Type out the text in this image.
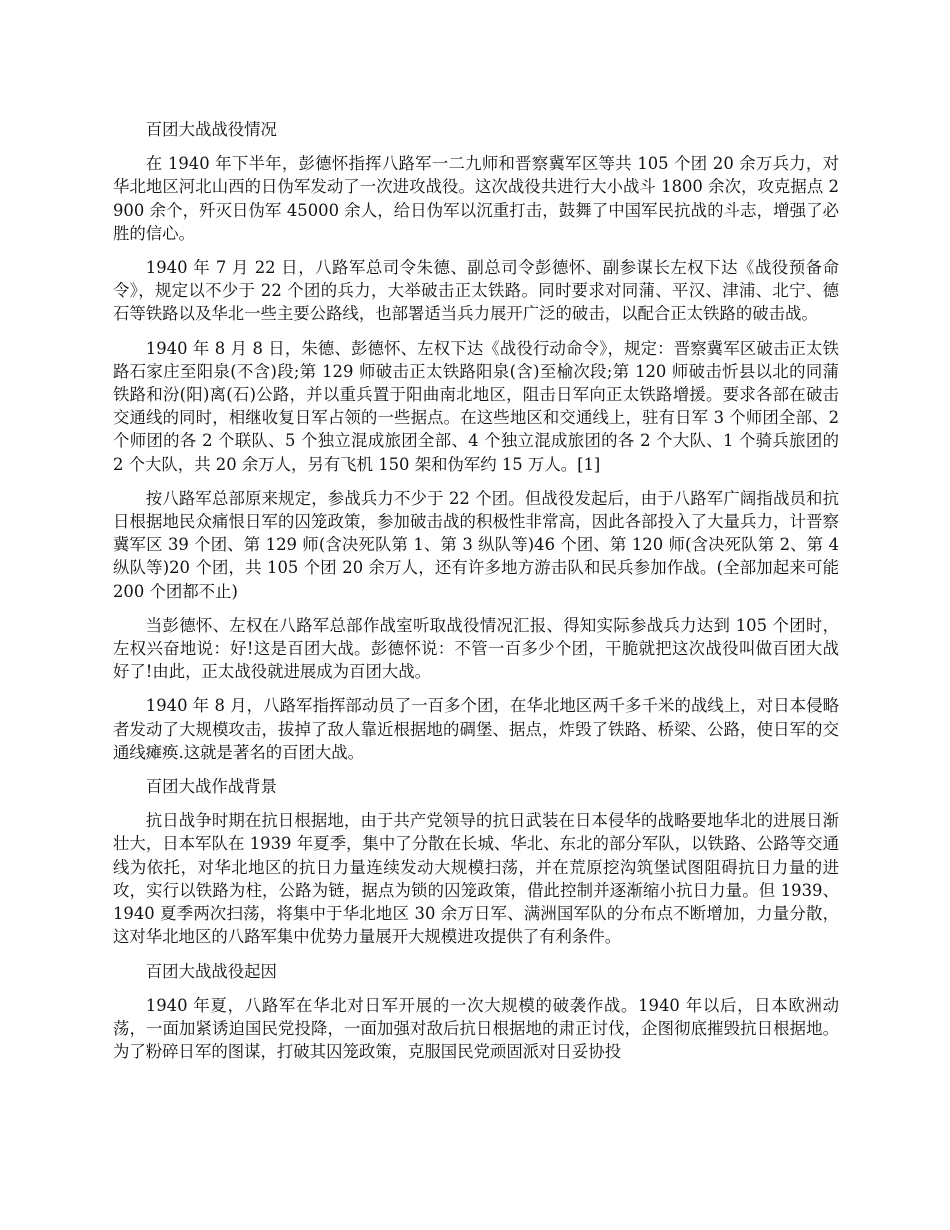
百团大战战役情况

在 1940 年下半年，彭德怀指挥八路军一二九师和晋察冀军区等共 105 个团 20 余万兵力，对华北地区河北山西的日伪军发动了一次进攻战役。这次战役共进行大小战斗 1800 余次，攻克据点 2900 余个，歼灭日伪军 45000 余人，给日伪军以沉重打击，鼓舞了中国军民抗战的斗志，增强了必胜的信心。

1940 年 7 月 22 日，八路军总司令朱德、副总司令彭德怀、副参谋长左权下达《战役预备命令》，规定以不少于 22 个团的兵力，大举破击正太铁路。同时要求对同蒲、平汉、津浦、北宁、德石等铁路以及华北一些主要公路线，也部署适当兵力展开广泛的破击，以配合正太铁路的破击战。

1940 年 8 月 8 日，朱德、彭德怀、左权下达《战役行动命令》，规定：晋察冀军区破击正太铁路石家庄至阳泉(不含)段;第 129 师破击正太铁路阳泉(含)至榆次段;第 120 师破击忻县以北的同蒲铁路和汾(阳)离(石)公路，并以重兵置于阳曲南北地区，阻击日军向正太铁路增援。要求各部在破击交通线的同时，相继收复日军占领的一些据点。在这些地区和交通线上，驻有日军 3 个师团全部、2 个师团的各 2 个联队、5 个独立混成旅团全部、4 个独立混成旅团的各 2 个大队、1 个骑兵旅团的 2 个大队，共 20 余万人，另有飞机 150 架和伪军约 15 万人。[1]

按八路军总部原来规定，参战兵力不少于 22 个团。但战役发起后，由于八路军广阔指战员和抗日根据地民众痛恨日军的囚笼政策，参加破击战的积极性非常高，因此各部投入了大量兵力，计晋察冀军区 39 个团、第 129 师(含决死队第 1、第 3 纵队等)46 个团、第 120 师(含决死队第 2、第 4 纵队等)20 个团，共 105 个团 20 余万人，还有许多地方游击队和民兵参加作战。(全部加起来可能 200 个团都不止)

当彭德怀、左权在八路军总部作战室听取战役情况汇报、得知实际参战兵力达到 105 个团时，左权兴奋地说：好!这是百团大战。彭德怀说：不管一百多少个团，干脆就把这次战役叫做百团大战好了!由此，正太战役就进展成为百团大战。

1940 年 8 月，八路军指挥部动员了一百多个团，在华北地区两千多千米的战线上，对日本侵略者发动了大规模攻击，拔掉了敌人靠近根据地的碉堡、据点，炸毁了铁路、桥梁、公路，使日军的交通线瘫痪.这就是著名的百团大战。

百团大战作战背景

抗日战争时期在抗日根据地，由于共产党领导的抗日武装在日本侵华的战略要地华北的进展日渐壮大，日本军队在 1939 年夏季，集中了分散在长城、华北、东北的部分军队，以铁路、公路等交通线为依托，对华北地区的抗日力量连续发动大规模扫荡，并在荒原挖沟筑堡试图阻碍抗日力量的进攻，实行以铁路为柱，公路为链，据点为锁的囚笼政策，借此控制并逐渐缩小抗日力量。但 1939、1940 夏季两次扫荡，将集中于华北地区 30 余万日军、满洲国军队的分布点不断增加，力量分散，这对华北地区的八路军集中优势力量展开大规模进攻提供了有利条件。

百团大战战役起因

1940 年夏，八路军在华北对日军开展的一次大规模的破袭作战。1940 年以后，日本欧洲动荡，一面加紧诱迫国民党投降，一面加强对敌后抗日根据地的肃正讨伐，企图彻底摧毁抗日根据地。为了粉碎日军的图谋，打破其囚笼政策，克服国民党顽固派对日妥协投
